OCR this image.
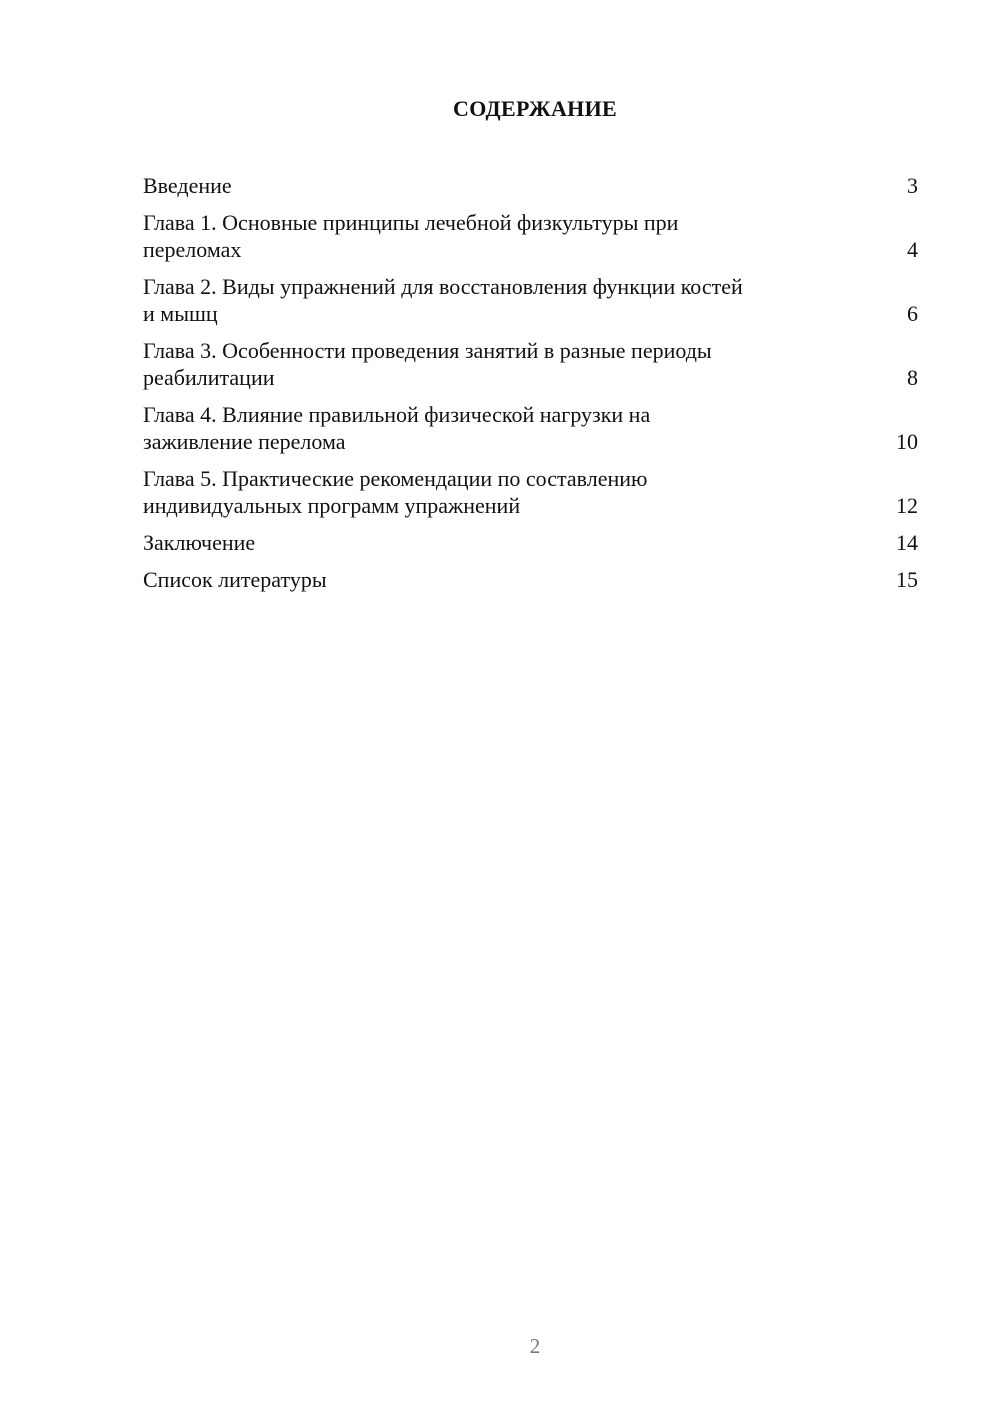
СОДЕРЖАНИЕ
Введение	3
Глава 1. Основные принципы лечебной физкультуры при
переломах	4
Глава 2. Виды упражнений для восстановления функции костей
и мышц	6
Глава 3. Особенности проведения занятий в разные периоды
реабилитации	8
Глава 4. Влияние правильной физической нагрузки на
заживление перелома	10
Глава 5. Практические рекомендации по составлению
индивидуальных программ упражнений	12
Заключение	14
Список литературы	15
2
